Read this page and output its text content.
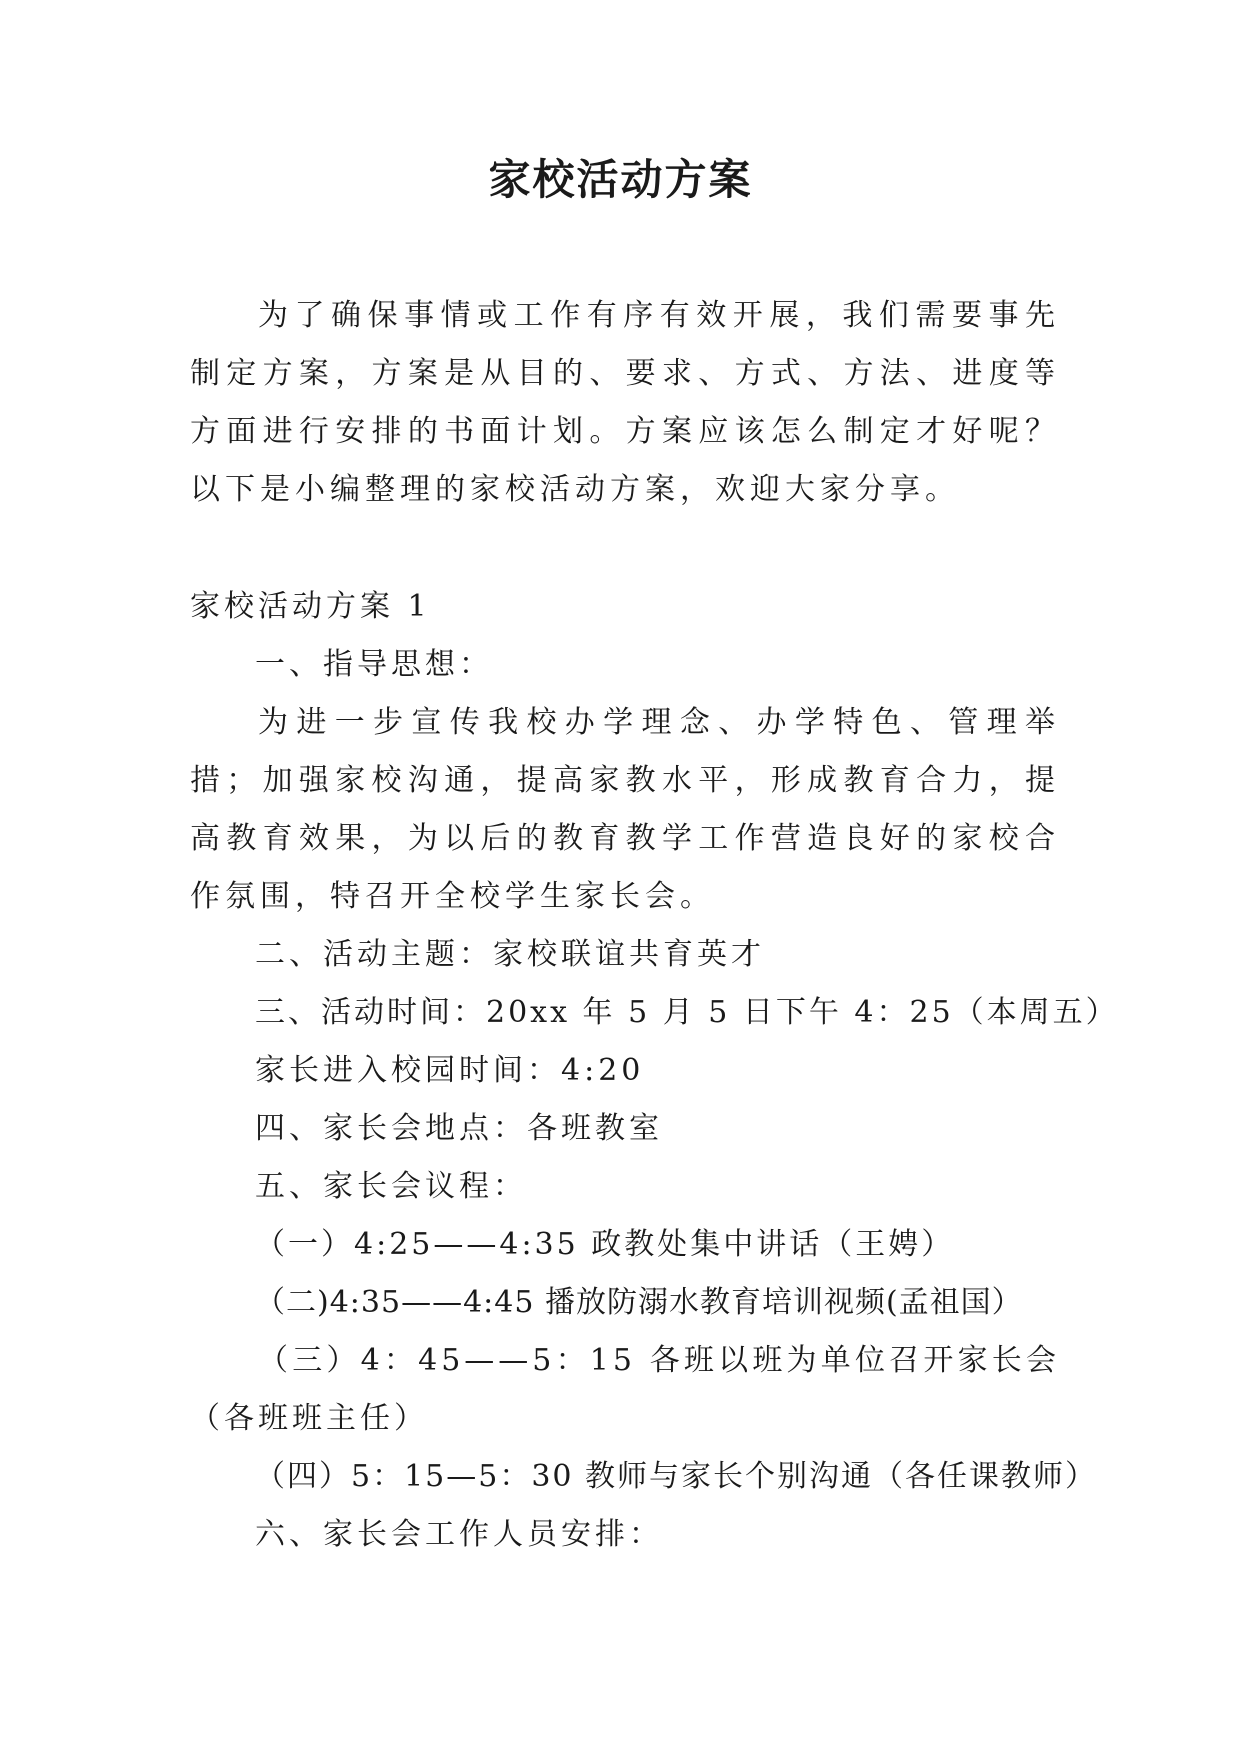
家校活动方案

为了确保事情或工作有序有效开展，我们需要事先制定方案，方案是从目的、要求、方式、方法、进度等方面进行安排的书面计划。方案应该怎么制定才好呢？以下是小编整理的家校活动方案，欢迎大家分享。

家校活动方案 1

一、指导思想：

为进一步宣传我校办学理念、办学特色、管理举措；加强家校沟通，提高家教水平，形成教育合力，提高教育效果，为以后的教育教学工作营造良好的家校合作氛围，特召开全校学生家长会。

二、活动主题：家校联谊共育英才

三、活动时间：20xx 年 5 月 5 日下午 4：25（本周五）

家长进入校园时间：4:20

四、家长会地点：各班教室

五、家长会议程：

（一）4:25——4:35 政教处集中讲话（王娉）

（二)4:35——4:45 播放防溺水教育培训视频(孟祖国）

（三）4：45——5：15 各班以班为单位召开家长会（各班班主任）

（四）5：15—5：30 教师与家长个别沟通（各任课教师）

六、家长会工作人员安排：
